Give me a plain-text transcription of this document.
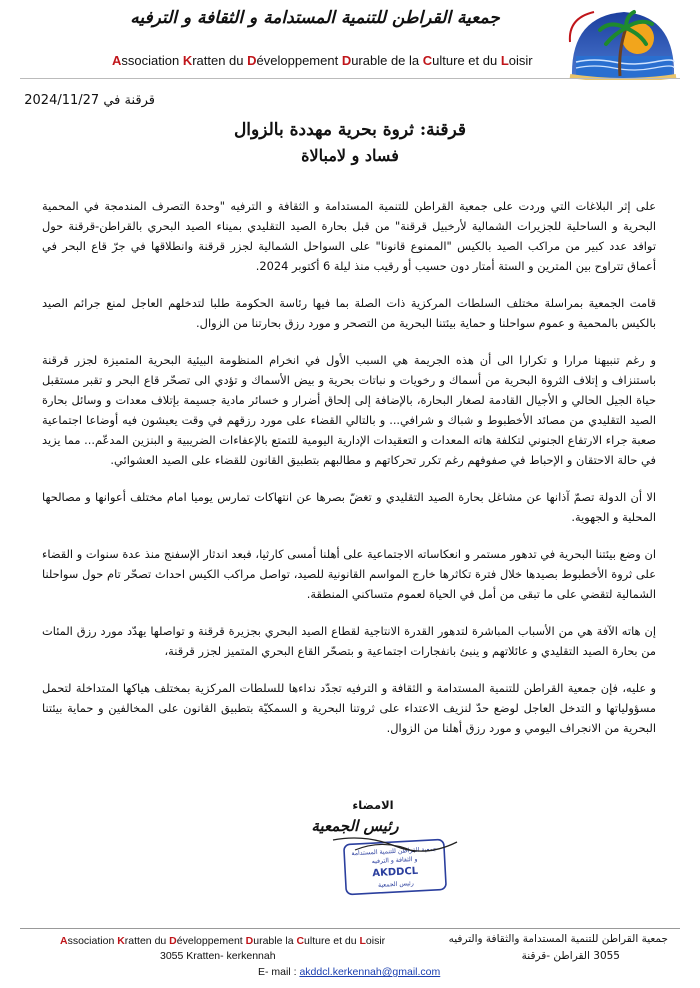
جمعية القراطن للتنمية المستدامة و الثقافة و الترفيه
Association Kratten du Développement Durable de la Culture et du Loisir
قرقنة في 2024/11/27
قرقنة: ثروة بحرية مهددة بالزوال
فساد و لامبالاة

على إثر البلاغات التي وردت على جمعية القراطن للتنمية المستدامة و الثقافة و الترفيه "وحدة التصرف المندمجة في المحمية البحرية و الساحلية للجزيرات الشمالية لأرخبيل قرقنة" من قبل بحارة الصيد التقليدي بميناء الصيد البحري بالقراطن-قرقنة حول توافد عدد كبير من مراكب الصيد بالكيس "الممنوع قانونا" على السواحل الشمالية لجزر قرقنة وانطلاقها في جرّ قاع البحر في أعماق تتراوح بين المترين و الستة أمتار دون حسيب أو رقيب منذ ليلة 6 أكتوبر 2024.

قامت الجمعية بمراسلة مختلف السلطات المركزية ذات الصلة بما فيها رئاسة الحكومة طلبا لتدخلهم العاجل لمنع جرائم الصيد بالكيس بالمحمية و عموم سواحلنا و حماية بيئتنا البحرية من التصحر و مورد رزق بحارتنا من الزوال.

و رغم تنبيهنا مرارا و تكرارا الى أن هذه الجريمة هي السبب الأول في انخرام المنظومة البيئية البحرية المتميزة لجزر قرقنة باستنزاف و إتلاف الثروة البحرية من أسماك و رخويات و نباتات بحرية و بيض الأسماك و تؤدي الى تصحّر قاع البحر و تقبر مستقبل حياة الجيل الحالي و الأجيال القادمة لصغار البحارة، بالإضافة إلى إلحاق أضرار و خسائر مادية جسيمة بإتلاف معدات و وسائل بحارة الصيد التقليدي من مصائد الأخطبوط و شباك و شرافي... و بالتالي القضاء على مورد رزقهم في وقت يعيشون فيه أوضاعا اجتماعية صعبة جراء الارتفاع الجنوني لتكلفة هاته المعدات و التعقيدات الإدارية اليومية للتمتع بالإعفاءات الضريبية و البنزين المدعّم... مما يزيد في حالة الاحتقان و الإحباط في صفوفهم رغم تكرر تحركاتهم و مطالبهم بتطبيق القانون للقضاء على الصيد العشوائي.

الا أن الدولة تصمّ آذانها عن مشاغل بحارة الصيد التقليدي و تغضّ بصرها عن انتهاكات تمارس يوميا امام مختلف أعوانها و مصالحها المحلية و الجهوية.

ان وضع بيئتنا البحرية في تدهور مستمر و انعكاساته الاجتماعية على أهلنا أمسى كارثيا، فبعد اندثار الإسفنج منذ عدة سنوات و القضاء على ثروة الأخطبوط بصيدها خلال فترة تكاثرها خارج المواسم القانونية للصيد، تواصل مراكب الكيس احداث تصحّر تام حول سواحلنا الشمالية لتقضي على ما تبقى من أمل في الحياة لعموم متساكني المنطقة.

إن هاته الآفة هي من الأسباب المباشرة لتدهور القدرة الانتاجية لقطاع الصيد البحري بجزيرة قرقنة و تواصلها يهدّد مورد رزق المئات من بحارة الصيد التقليدي و عائلاتهم و ينبئ بانفجارات اجتماعية و بتصحّر القاع البحري المتميز لجزر قرقنة،

و عليه، فإن جمعية القراطن للتنمية المستدامة و الثقافة و الترفيه تجدّد نداءها للسلطات المركزية بمختلف هياكها المتداخلة لتحمل مسؤولياتها و التدخل العاجل لوضع حدّ لنزيف الاعتداء على ثروتنا البحرية و السمكيّة بتطبيق القانون على المخالفين و حماية بيئتنا البحرية من الانجراف اليومي و مورد رزق أهلنا من الزوال.

الامضاء
رئيس الجمعية
جمعية القراطن للتنمية المستدامة
و الثقافة و الترفيه
AKDDCL
رئيس الجمعية
Association Kratten du Développement Durable la Culture et du Loisir
3055 Kratten- kerkennah
جمعية القراطن للتنمية المستدامة والثقافة والترفيه
3055 القراطن -قرقنة
E- mail : akddcl.kerkennah@gmail.com
